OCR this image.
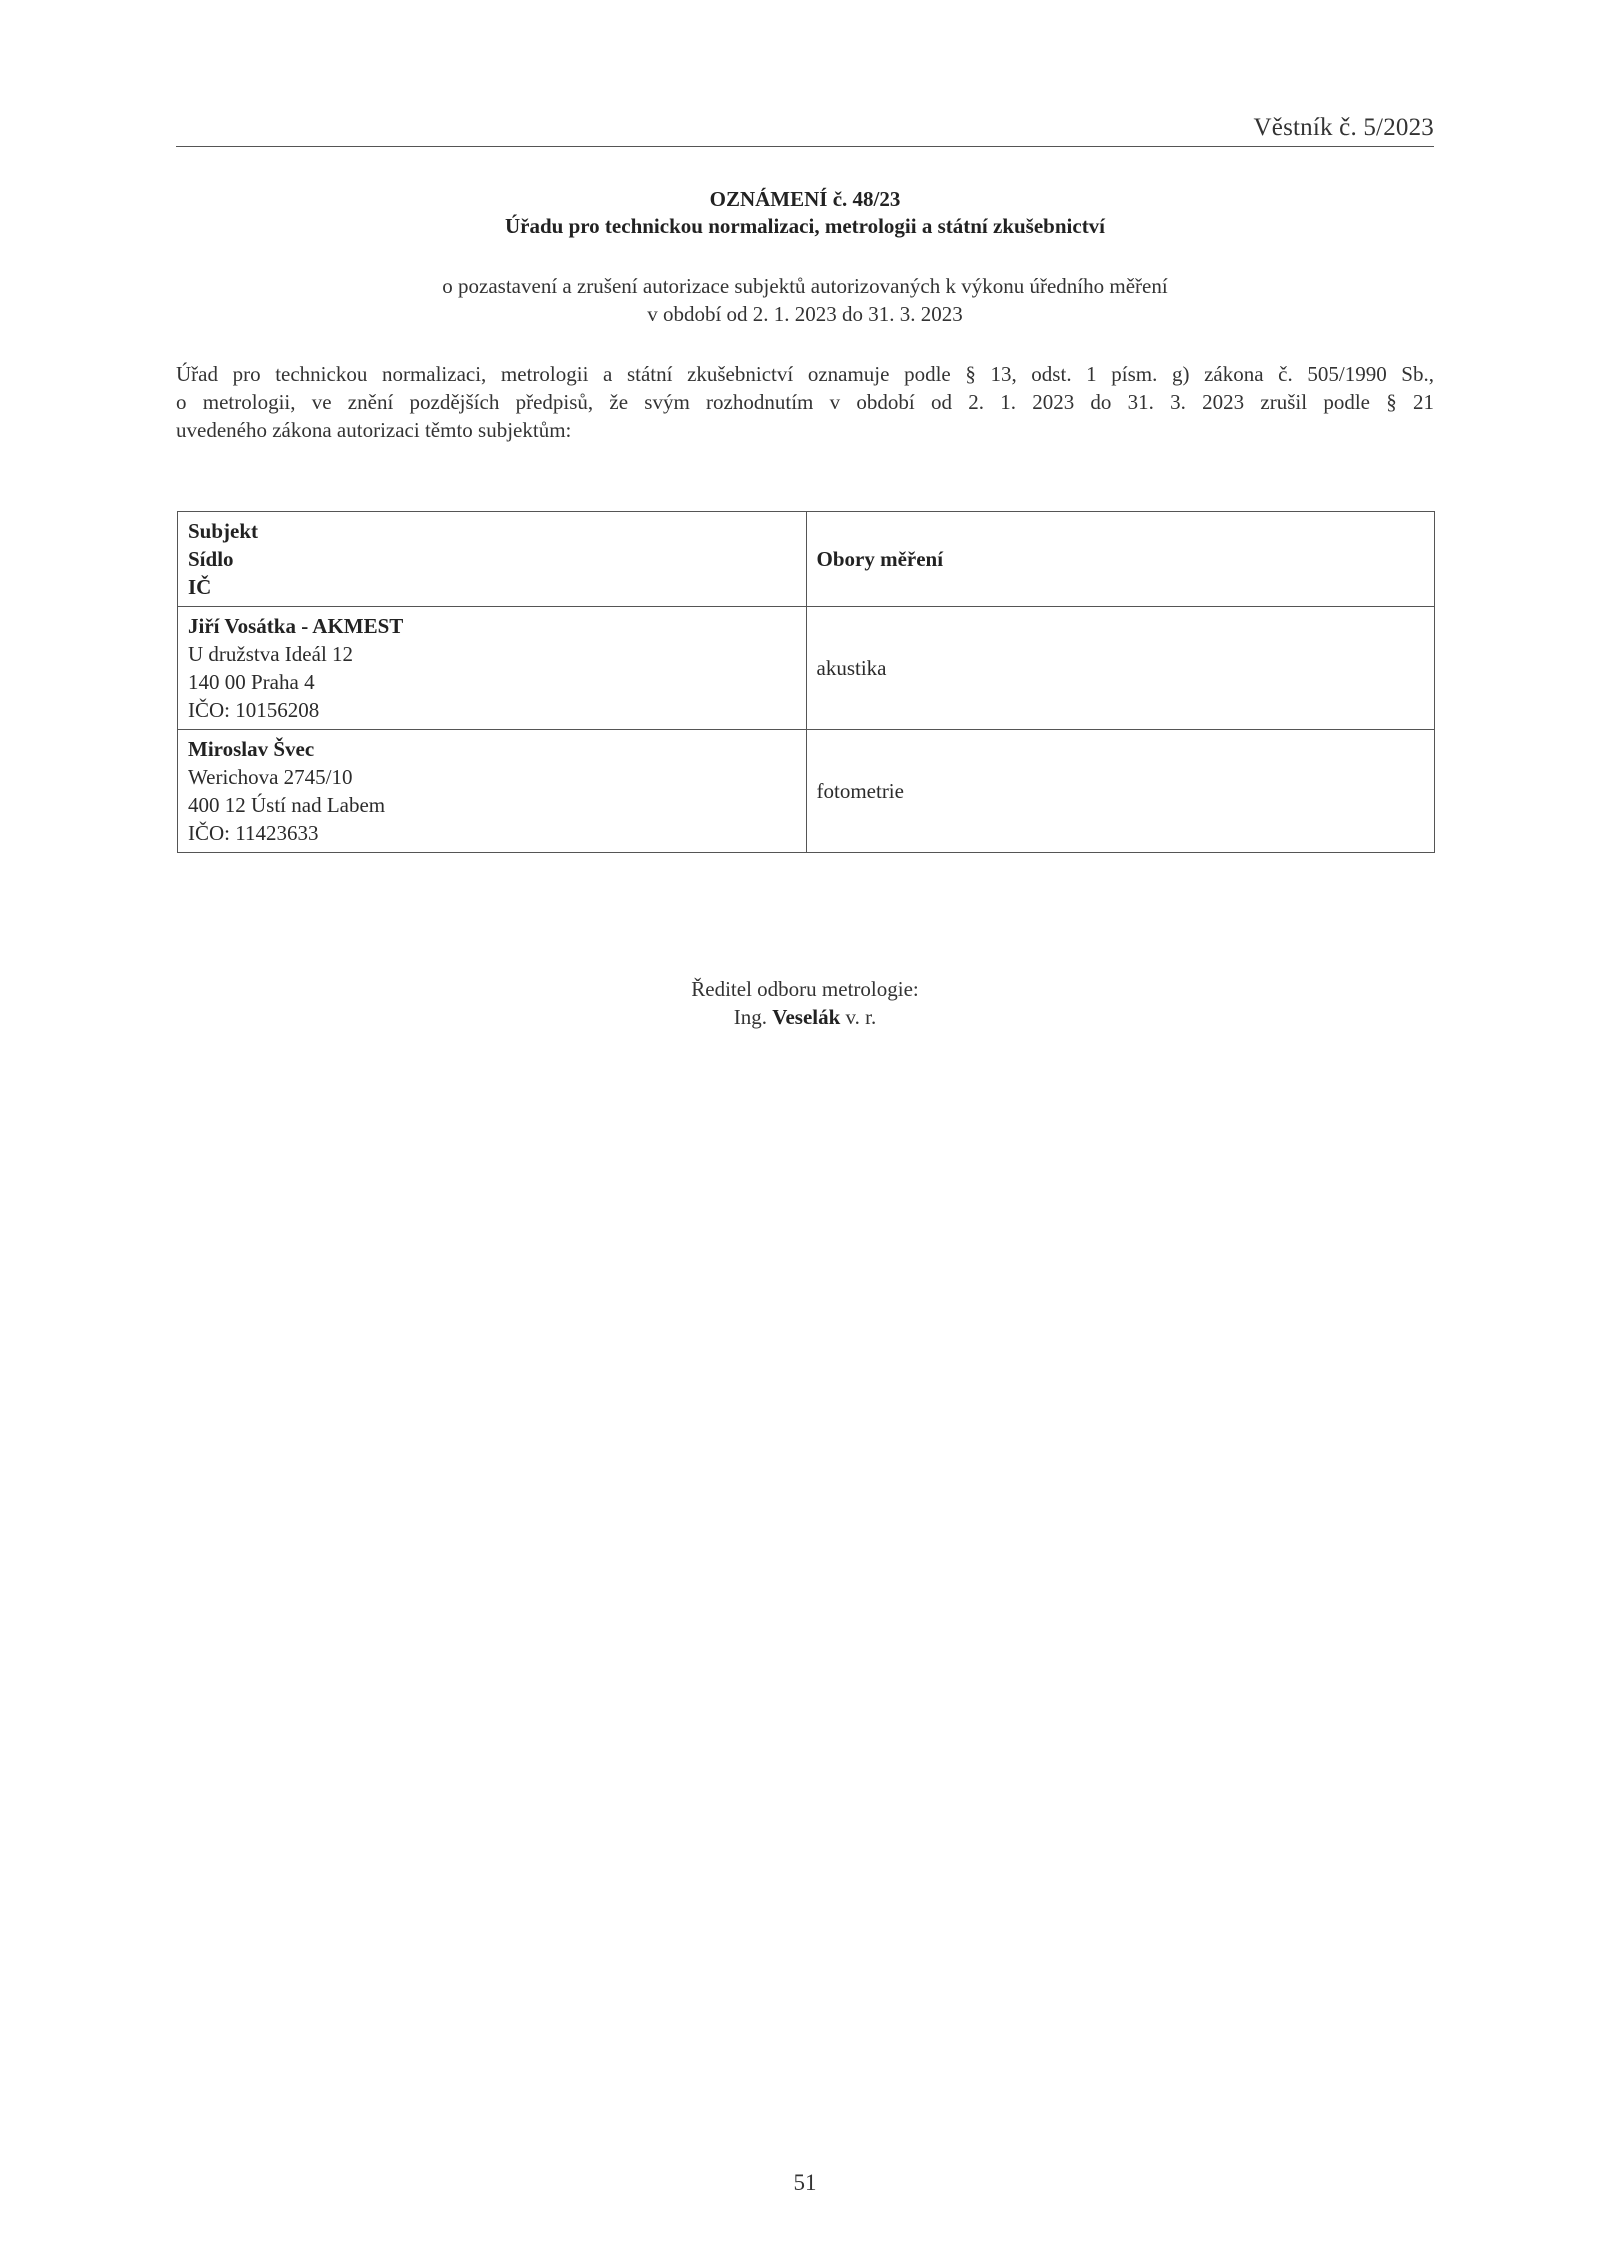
Věstník č. 5/2023
OZNÁMENÍ č. 48/23
Úřadu pro technickou normalizaci, metrologii a státní zkušebnictví
o pozastavení a zrušení autorizace subjektů autorizovaných k výkonu úředního měření
v období od 2. 1. 2023 do 31. 3. 2023
Úřad pro technickou normalizaci, metrologii a státní zkušebnictví oznamuje podle § 13, odst. 1 písm. g) zákona č. 505/1990 Sb.,
o metrologii, ve znění pozdějších předpisů, že svým rozhodnutím v období od 2. 1. 2023 do 31. 3. 2023 zrušil podle § 21
uvedeného zákona autorizaci těmto subjektům:
Subjekt
Sídlo
IČ	Obory měření

Jiří Vosátka - AKMEST
U družstva Ideál 12
140 00 Praha 4
IČO: 10156208	akustika

Miroslav Švec
Werichova 2745/10
400 12 Ústí nad Labem
IČO: 11423633	fotometrie
Ředitel odboru metrologie:
Ing. Veselák v. r.
51
